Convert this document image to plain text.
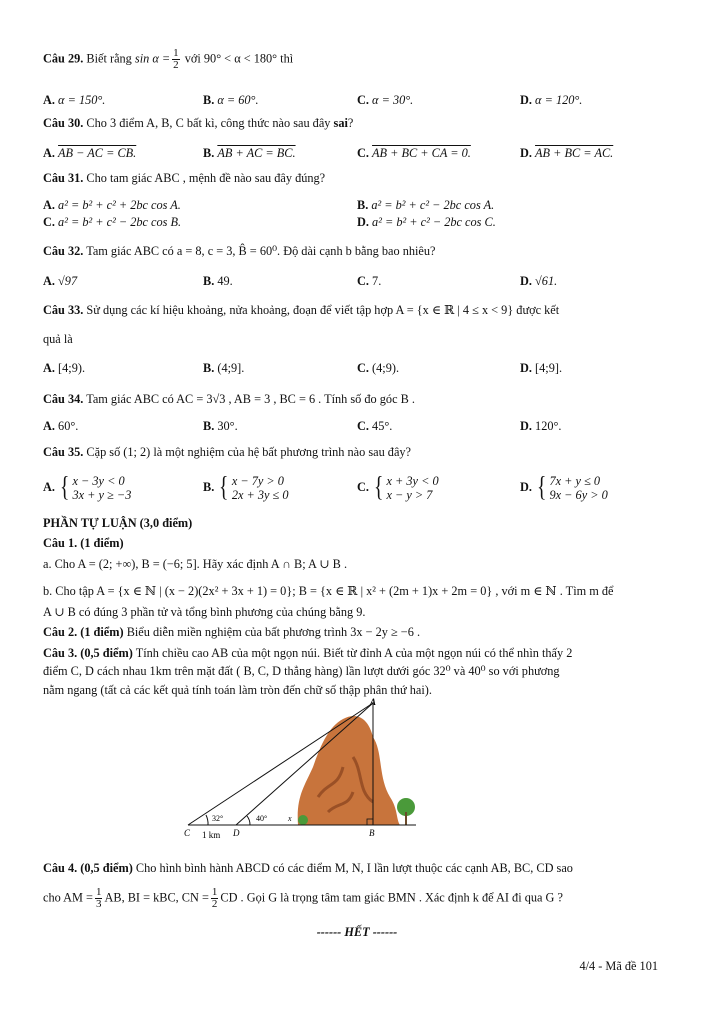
Câu 29. Biết rằng $\sin \alpha = \frac{1}{2}$ với 90° < α < 180° thì
A. α = 150°.	B. α = 60°.	C. α = 30°.	D. α = 120°.
Câu 30. Cho 3 điểm A, B, C bất kì, công thức nào sau đây sai?
A. AB − AC = CB.	B. AB + AC = BC.	C. AB + BC + CA = 0.	D. AB + BC = AC.
Câu 31. Cho tam giác ABC , mệnh đề nào sau đây đúng?
A. a² = b² + c² + 2bc cos A.	B. a² = b² + c² − 2bc cos A.
C. a² = b² + c² − 2bc cos B.	D. a² = b² + c² − 2bc cos C.
Câu 32. Tam giác ABC có a = 8, c = 3, B̂ = 60⁰. Độ dài cạnh b bằng bao nhiêu?
A. √97	B. 49.	C. 7.	D. √61.
Câu 33. Sử dụng các kí hiệu khoảng, nửa khoảng, đoạn để viết tập hợp A = {x ∈ ℝ | 4 ≤ x < 9} được kết
quả là
A. [4;9).	B. (4;9].	C. (4;9).	D. [4;9].
Câu 34. Tam giác ABC có AC = 3√3 , AB = 3 , BC = 6 . Tính số đo góc B .
A. 60°.	B. 30°.	C. 45°.	D. 120°.
Câu 35. Cặp số (1; 2) là một nghiệm của hệ bất phương trình nào sau đây?
A. { x − 3y < 0
3x + y ≥ −3
B. { x − 7y > 0
2x + 3y ≤ 0
C. { x + 3y < 0
x − y > 7
D. { 7x + y ≤ 0
9x − 6y > 0
PHẦN TỰ LUẬN (3,0 điểm)
Câu 1. (1 điểm)
a. Cho A = (2; +∞), B = (−6; 5]. Hãy xác định A ∩ B; A ∪ B .
b. Cho tập A = {x ∈ ℕ | (x − 2)(2x² + 3x + 1) = 0}; B = {x ∈ ℝ | x² + (2m + 1)x + 2m = 0} , với m ∈ ℕ . Tìm m để
A ∪ B có đúng 3 phần tử và tổng bình phương của chúng bằng 9.
Câu 2. (1 điểm) Biểu diễn miền nghiệm của bất phương trình 3x − 2y ≥ −6 .
Câu 3. (0,5 điểm) Tính chiều cao AB của một ngọn núi. Biết từ đỉnh A của một ngọn núi có thể nhìn thấy 2
điểm C, D cách nhau 1km trên mặt đất ( B, C, D thẳng hàng) lần lượt dưới góc 32⁰ và 40⁰ so với phương
nằm ngang (tất cả các kết quả tính toán làm tròn đến chữ số thập phân thứ hai).
A
B
C	D
1 km
32°	40°	x
Câu 4. (0,5 điểm) Cho hình bình hành ABCD có các điểm M, N, I lần lượt thuộc các cạnh AB, BC, CD sao
cho AM = $\frac{1}{3}$ AB, BI = kBC, CN = $\frac{1}{2}$ CD . Gọi G là trọng tâm tam giác BMN . Xác định k để AI đi qua G ?
------ HẾT ------
4/4 - Mã đề 101
